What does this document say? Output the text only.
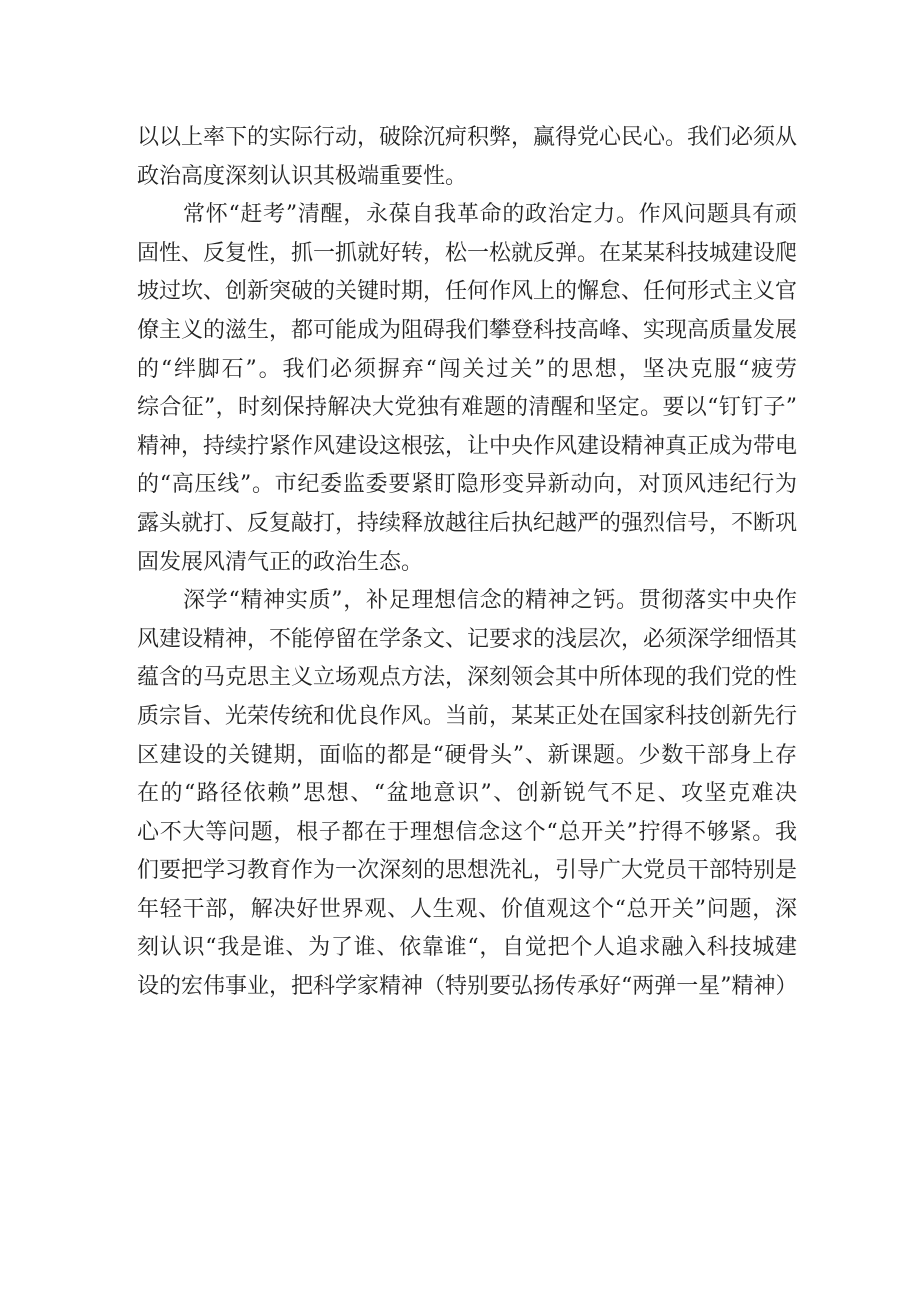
以以上率下的实际行动，破除沉疴积弊，赢得党心民心。我们必须从
政治高度深刻认识其极端重要性。
常怀“赶考”清醒，永葆自我革命的政治定力。作风问题具有顽
固性、反复性，抓一抓就好转，松一松就反弹。在某某科技城建设爬
坡过坎、创新突破的关键时期，任何作风上的懈怠、任何形式主义官
僚主义的滋生，都可能成为阻碍我们攀登科技高峰、实现高质量发展
的“绊脚石”。我们必须摒弃“闯关过关”的思想，坚决克服“疲劳
综合征”，时刻保持解决大党独有难题的清醒和坚定。要以“钉钉子”
精神，持续拧紧作风建设这根弦，让中央作风建设精神真正成为带电
的“高压线”。市纪委监委要紧盯隐形变异新动向，对顶风违纪行为
露头就打、反复敲打，持续释放越往后执纪越严的强烈信号，不断巩
固发展风清气正的政治生态。
深学“精神实质”，补足理想信念的精神之钙。贯彻落实中央作
风建设精神，不能停留在学条文、记要求的浅层次，必须深学细悟其
蕴含的马克思主义立场观点方法，深刻领会其中所体现的我们党的性
质宗旨、光荣传统和优良作风。当前，某某正处在国家科技创新先行
区建设的关键期，面临的都是“硬骨头”、新课题。少数干部身上存
在的“路径依赖”思想、“盆地意识”、创新锐气不足、攻坚克难决
心不大等问题，根子都在于理想信念这个“总开关”拧得不够紧。我
们要把学习教育作为一次深刻的思想洗礼，引导广大党员干部特别是
年轻干部，解决好世界观、人生观、价值观这个“总开关”问题，深
刻认识“我是谁、为了谁、依靠谁“，自觉把个人追求融入科技城建
设的宏伟事业，把科学家精神（特别要弘扬传承好“两弹一星”精神）
